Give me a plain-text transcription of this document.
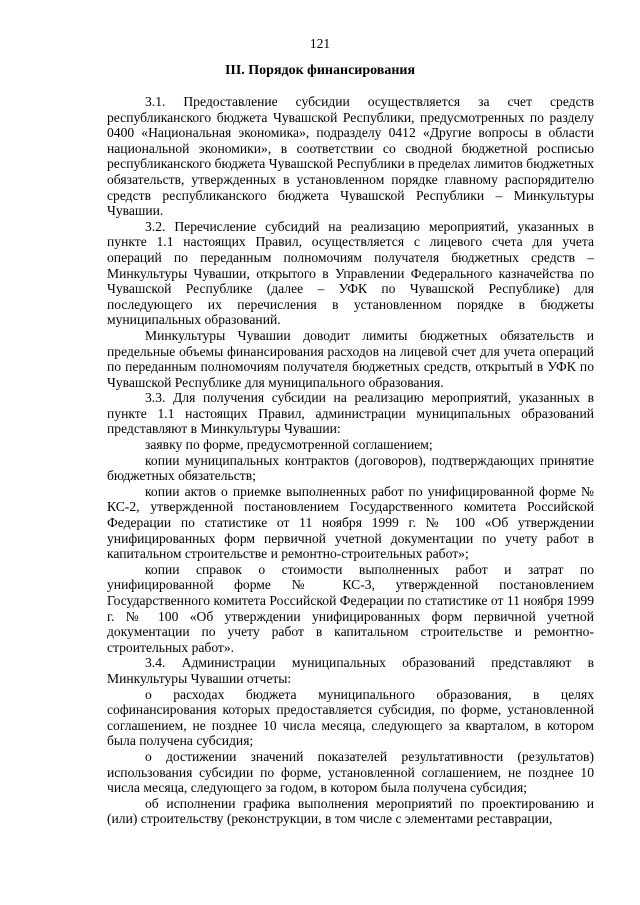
121
III. Порядок финансирования

3.1. Предоставление субсидии осуществляется за счет средств республиканского бюджета Чувашской Республики, предусмотренных по разделу 0400 «Национальная экономика», подразделу 0412 «Другие вопросы в области национальной экономики», в соответствии со сводной бюджетной росписью республиканского бюджета Чувашской Республики в пределах лимитов бюджетных обязательств, утвержденных в установленном порядке главному распорядителю средств республиканского бюджета Чувашской Республики – Минкультуры Чувашии.

3.2. Перечисление субсидий на реализацию мероприятий, указанных в пункте 1.1 настоящих Правил, осуществляется с лицевого счета для учета операций по переданным полномочиям получателя бюджетных средств – Минкультуры Чувашии, открытого в Управлении Федерального казначейства по Чувашской Республике (далее – УФК по Чувашской Республике) для последующего их перечисления в установленном порядке в бюджеты муниципальных образований.

Минкультуры Чувашии доводит лимиты бюджетных обязательств и предельные объемы финансирования расходов на лицевой счет для учета операций по переданным полномочиям получателя бюджетных средств, открытый в УФК по Чувашской Республике для муниципального образования.

3.3. Для получения субсидии на реализацию мероприятий, указанных в пункте 1.1 настоящих Правил, администрации муниципальных образований представляют в Минкультуры Чувашии:

заявку по форме, предусмотренной соглашением;

копии муниципальных контрактов (договоров), подтверждающих принятие бюджетных обязательств;

копии актов о приемке выполненных работ по унифицированной форме № КС-2, утвержденной постановлением Государственного комитета Российской Федерации по статистике от 11 ноября 1999 г. № 100 «Об утверждении унифицированных форм первичной учетной документации по учету работ в капитальном строительстве и ремонтно-строительных работ»;

копии справок о стоимости выполненных работ и затрат по унифицированной форме № КС-3, утвержденной постановлением Государственного комитета Российской Федерации по статистике от 11 ноября 1999 г. № 100 «Об утверждении унифицированных форм первичной учетной документации по учету работ в капитальном строительстве и ремонтно-строительных работ».

3.4. Администрации муниципальных образований представляют в Минкультуры Чувашии отчеты:

о расходах бюджета муниципального образования, в целях софинансирования которых предоставляется субсидия, по форме, установленной соглашением, не позднее 10 числа месяца, следующего за кварталом, в котором была получена субсидия;

о достижении значений показателей результативности (результатов) использования субсидии по форме, установленной соглашением, не позднее 10 числа месяца, следующего за годом, в котором была получена субсидия;

об исполнении графика выполнения мероприятий по проектированию и (или) строительству (реконструкции, в том числе с элементами реставрации,
